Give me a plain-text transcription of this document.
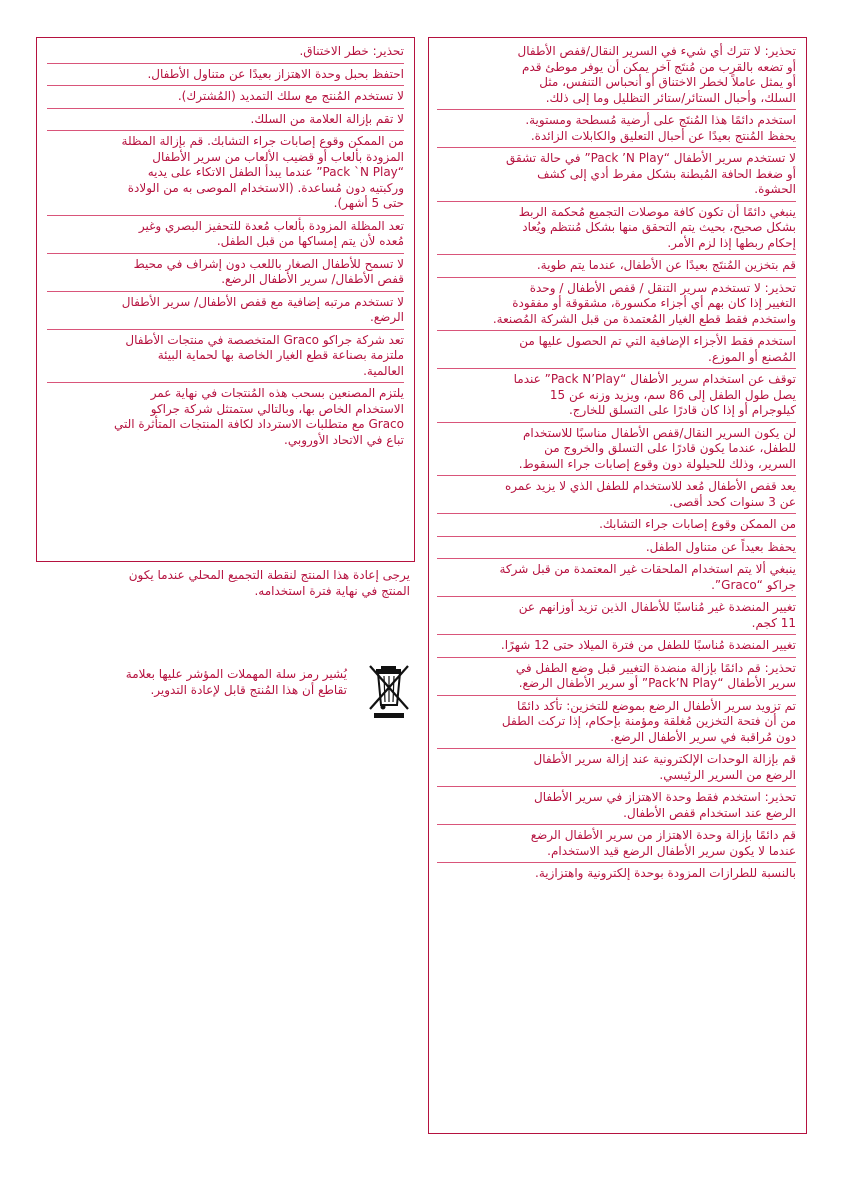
تحذير: لا تترك أي شيء في السرير النقال/قفص الأطفال
أو تضعه بالقرب من مُنتَج آخر يمكن أن يوفر موطئ قدم
أو يمثل عاملاً لخطر الاختناق أو أنحباس التنفس، مثل
السلك، وأحبال الستائر/ستائر التظليل وما إلى ذلك.

استخدم دائمًا هذا المُنتَج على أرضية مُسطحة ومستوية.
يحفظ المُنتج بعيدًا عن أحبال التعليق والكابلات الزائدة.

لا تستخدم سرير الأطفال “Pack ’N Play” في حالة تشقق
أو ضغط الحافة المُبطنة بشكل مفرط أدي إلى كشف
الحشوة.

ينبغي دائمًا أن تكون كافة موصلات التجميع مُحكمة الربط
بشكل صحيح، بحيث يتم التحقق منها بشكل مُنتظم ويُعاد
إحكام ربطها إذا لزم الأمر.

قم بتخزين المُنتَج بعيدًا عن الأطفال، عندما يتم طوية.

تحذير: لا تستخدم سرير التنقل / قفص الأطفال / وحدة
التغيير إذا كان بهم أي أجزاء مكسورة، مشقوقة أو مفقودة
واستخدم فقط قطع الغيار المُعتمدة من قبل الشركة المُصنعة.

استخدم فقط الأجزاء الإضافية التي تم الحصول عليها من
المُصنع أو الموزع.

توقف عن استخدام سرير الأطفال “Pack N’Play” عندما
يصل طول الطفل إلى 86 سم، ويزيد وزنه عن 15
كيلوجرام أو إذا كان قادرًا على التسلق للخارج.

لن يكون السرير النقال/قفص الأطفال مناسبًا للاستخدام
للطفل، عندما يكون قادرًا على التسلق والخروج من
السرير، وذلك للحيلولة دون وقوع إصابات جراء السقوط.

يعد قفص الأطفال مُعد للاستخدام للطفل الذي لا يزيد عمره
عن 3 سنوات كحد أقصى.

من الممكن وقوع إصابات جراء التشابك.

يحفظ بعيداً عن متناول الطفل.

ينبغي ألا يتم استخدام الملحقات غير المعتمدة من قبل شركة
جراكو “Graco”.

تغيير المنضدة غير مُناسبًا للأطفال الذين تزيد أوزانهم عن
11 كجم.

تغيير المنضدة مُناسبًا للطفل من فترة الميلاد حتى 12 شهرًا.

تحذير: قم دائمًا بإزالة منضدة التغيير قبل وضع الطفل في
سرير الأطفال “Pack’N Play” أو سرير الأطفال الرضع.

تم تزويد سرير الأطفال الرضع بموضع للتخزين: تأكد دائمًا
من أن فتحة التخزين مُغلقة ومؤمنة بإحكام، إذا تركت الطفل
دون مُراقبة في سرير الأطفال الرضع.

قم بإزالة الوحدات الإلكترونية عند إزالة سرير الأطفال
الرضع من السرير الرئيسي.

تحذير: استخدم فقط وحدة الاهتزاز في سرير الأطفال
الرضع عند استخدام قفص الأطفال.

قم دائمًا بإزالة وحدة الاهتزاز من سرير الأطفال الرضع
عندما لا يكون سرير الأطفال الرضع قيد الاستخدام.

بالنسبة للطرازات المزودة بوحدة إلكترونية واهتزازية.

تحذير: خطر الاختناق.

احتفظ بحبل وحدة الاهتزاز بعيدًا عن متناول الأطفال.

لا تستخدم المُنتج مع سلك التمديد (المُشترك).

لا تقم بإزالة العلامة من السلك.

من الممكن وقوع إصابات جراء التشابك. قم بإزالة المظلة
المزودة بألعاب أو قضيب الألعاب من سرير الأطفال
“Pack `N Play” عندما يبدأ الطفل الاتكاء على يديه
وركبتيه دون مُساعدة. (الاستخدام الموصى به من الولادة
حتى 5 أشهر).

تعد المظلة المزودة بألعاب مُعدة للتحفيز البصري وغير
مُعده لأن يتم إمساكها من قبل الطفل.

لا تسمح للأطفال الصغار باللعب دون إشراف في محيط
قفص الأطفال/ سرير الأطفال الرضع.

لا تستخدم مرتبه إضافية مع قفص الأطفال/ سرير الأطفال
الرضع.

تعد شركة جراكو Graco المتخصصة في منتجات الأطفال
ملتزمة بصناعة قطع الغيار الخاصة بها لحماية البيئة
العالمية.

يلتزم المصنعين بسحب هذه المُنتجات في نهاية عمر
الاستخدام الخاص بها، وبالتالي ستمتثل شركة جراكو
Graco مع متطلبات الاسترداد لكافة المنتجات المتأثرة التي
تباع في الاتحاد الأوروبي.

يرجى إعادة هذا المنتج لنقطة التجميع المحلي عندما يكون
المنتج في نهاية فترة استخدامه.

يُشير رمز سلة المهملات المؤشر عليها بعلامة
تقاطع أن هذا المُنتج قابل لإعادة التدوير.
